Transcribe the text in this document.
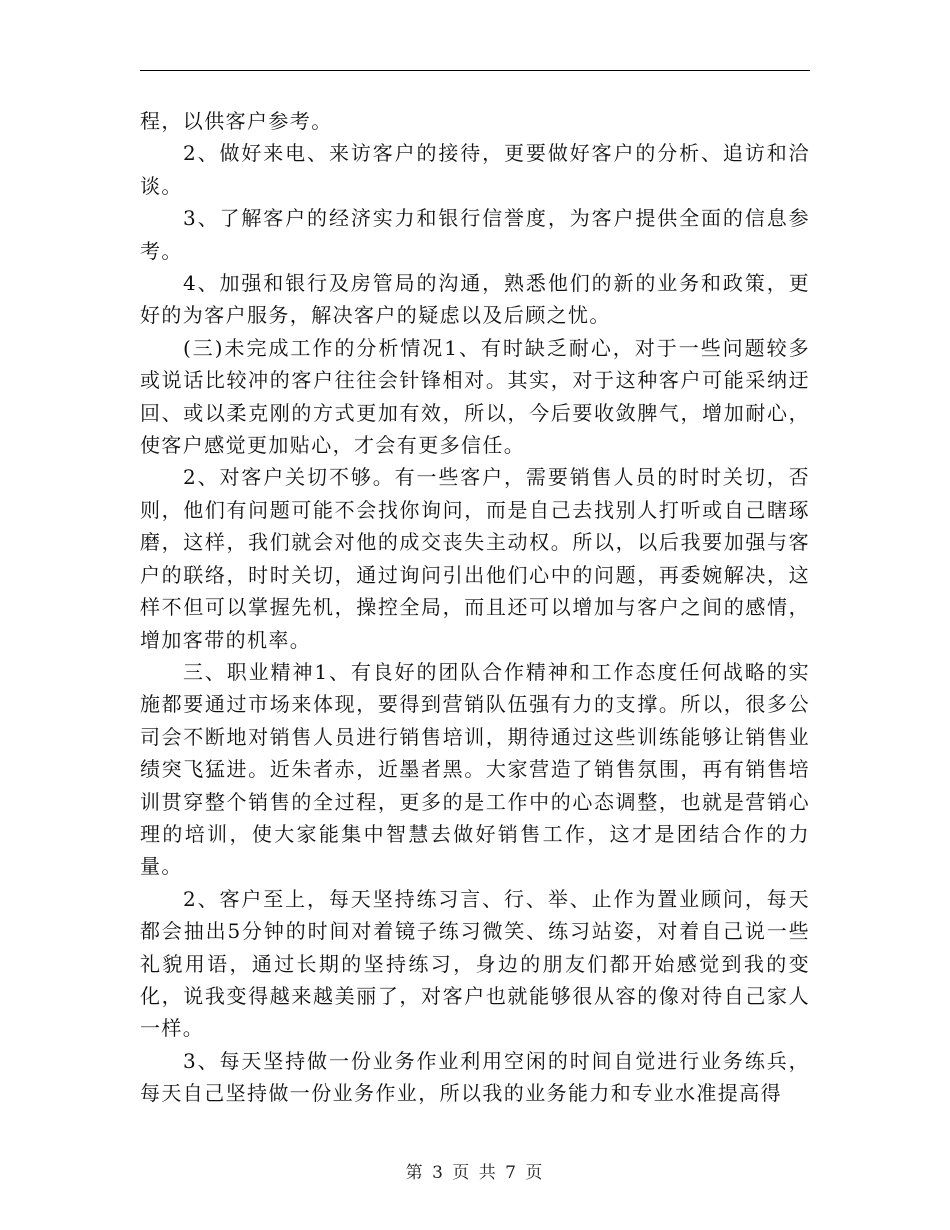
程，以供客户参考。

2、做好来电、来访客户的接待，更要做好客户的分析、追访和洽谈。

3、了解客户的经济实力和银行信誉度，为客户提供全面的信息参考。

4、加强和银行及房管局的沟通，熟悉他们的新的业务和政策，更好的为客户服务，解决客户的疑虑以及后顾之忧。

(三)未完成工作的分析情况1、有时缺乏耐心，对于一些问题较多或说话比较冲的客户往往会针锋相对。其实，对于这种客户可能采纳迂回、或以柔克刚的方式更加有效，所以，今后要收敛脾气，增加耐心，使客户感觉更加贴心，才会有更多信任。

2、对客户关切不够。有一些客户，需要销售人员的时时关切，否则，他们有问题可能不会找你询问，而是自己去找别人打听或自己瞎琢磨，这样，我们就会对他的成交丧失主动权。所以，以后我要加强与客户的联络，时时关切，通过询问引出他们心中的问题，再委婉解决，这样不但可以掌握先机，操控全局，而且还可以增加与客户之间的感情，增加客带的机率。

三、职业精神1、有良好的团队合作精神和工作态度任何战略的实施都要通过市场来体现，要得到营销队伍强有力的支撑。所以，很多公司会不断地对销售人员进行销售培训，期待通过这些训练能够让销售业绩突飞猛进。近朱者赤，近墨者黑。大家营造了销售氛围，再有销售培训贯穿整个销售的全过程，更多的是工作中的心态调整，也就是营销心理的培训，使大家能集中智慧去做好销售工作，这才是团结合作的力量。

2、客户至上，每天坚持练习言、行、举、止作为置业顾问，每天都会抽出5分钟的时间对着镜子练习微笑、练习站姿，对着自己说一些礼貌用语，通过长期的坚持练习，身边的朋友们都开始感觉到我的变化，说我变得越来越美丽了，对客户也就能够很从容的像对待自己家人一样。

3、每天坚持做一份业务作业利用空闲的时间自觉进行业务练兵，每天自己坚持做一份业务作业，所以我的业务能力和专业水准提高得

第 3 页 共 7 页
